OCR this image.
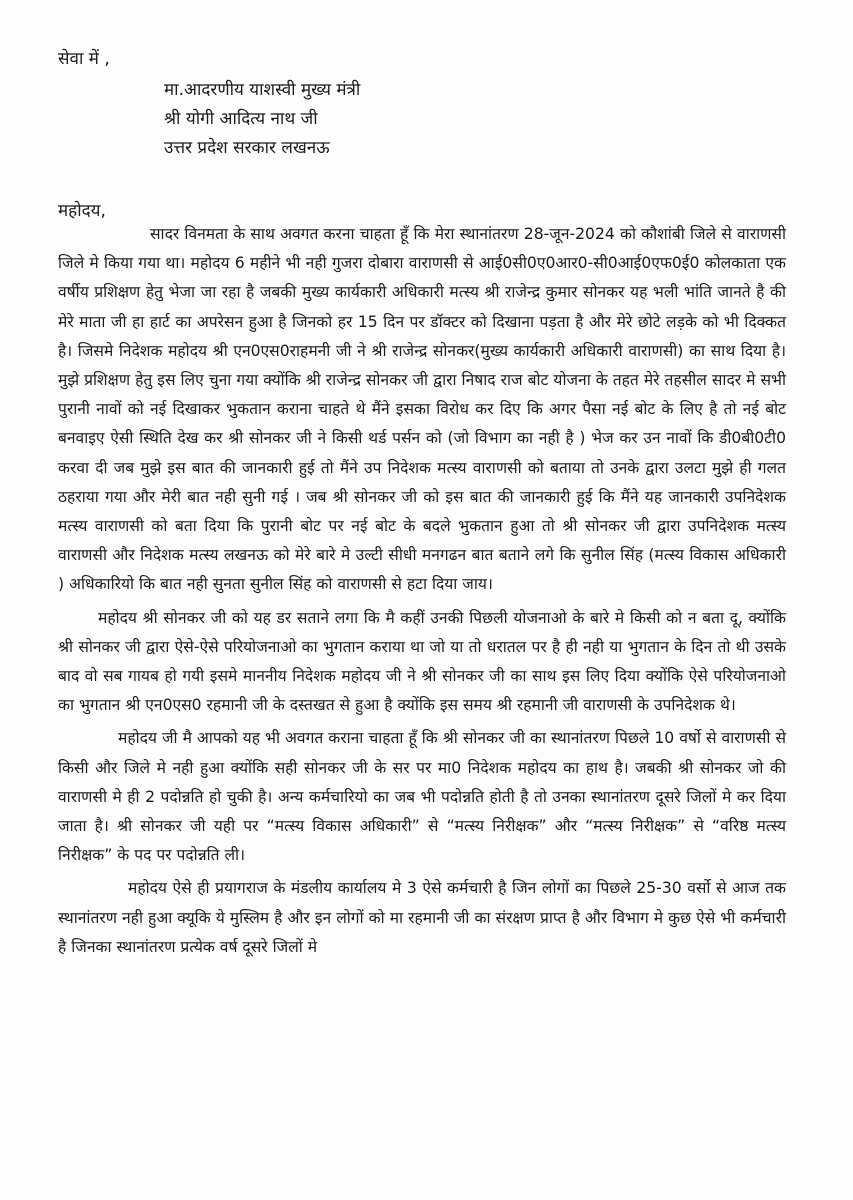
सेवा में ,
मा.आदरणीय याशस्वी मुख्य मंत्री
श्री योगी आदित्य नाथ जी
उत्तर प्रदेश सरकार लखनऊ
महोदय,

सादर विनमता के साथ अवगत करना चाहता हूँ कि मेरा स्थानांतरण 28-जून-2024 को कौशांबी जिले से वाराणसी जिले मे किया गया था। महोदय 6 महीने भी नही गुजरा दोबारा वाराणसी से आई0सी0ए0आर0-सी0आई0एफ0ई0 कोलकाता एक वर्षीय प्रशिक्षण हेतु भेजा जा रहा है जबकी मुख्य कार्यकारी अधिकारी मत्स्य श्री राजेन्द्र कुमार सोनकर यह भली भांति जानते है की मेरे माता जी हा हार्ट का अपरेसन हुआ है जिनको हर 15 दिन पर डॉक्टर को दिखाना पड़ता है और मेरे छोटे लड़के को भी दिक्कत है। जिसमे निदेशक महोदय श्री एन0एस0राहमनी जी ने श्री राजेन्द्र सोनकर(मुख्य कार्यकारी अधिकारी वाराणसी) का साथ दिया है। मुझे प्रशिक्षण हेतु इस लिए चुना गया क्योंकि श्री राजेन्द्र सोनकर जी द्वारा निषाद राज बोट योजना के तहत मेरे तहसील सादर मे सभी पुरानी नावों को नई दिखाकर भुकतान कराना चाहते थे मैंने इसका विरोध कर दिए कि अगर पैसा नई बोट के लिए है तो नई बोट बनवाइए ऐसी स्थिति देख कर श्री सोनकर जी ने किसी थर्ड पर्सन को (जो विभाग का नही है ) भेज कर उन नावों कि डी0बी0टी0 करवा दी जब मुझे इस बात की जानकारी हुई तो मैंने उप निदेशक मत्स्य वाराणसी को बताया तो उनके द्वारा उलटा मुझे ही गलत ठहराया गया और मेरी बात नही सुनी गई । जब श्री सोनकर जी को इस बात की जानकारी हुई कि मैंने यह जानकारी उपनिदेशक मत्स्य वाराणसी को बता दिया कि पुरानी बोट पर नई बोट के बदले भुकतान हुआ तो श्री सोनकर जी द्वारा उपनिदेशक मत्स्य वाराणसी और निदेशक मत्स्य लखनऊ को मेरे बारे मे उल्टी सीधी मनगढन बात बताने लगे कि सुनील सिंह (मत्स्य विकास अधिकारी ) अधिकारियो कि बात नही सुनता सुनील सिंह को वाराणसी से हटा दिया जाय।

महोदय श्री सोनकर जी को यह डर सताने लगा कि मै कहीं उनकी पिछली योजनाओ के बारे मे किसी को न बता दू, क्योंकि श्री सोनकर जी द्वारा ऐसे-ऐसे परियोजनाओ का भुगतान कराया था जो या तो धरातल पर है ही नही या भुगतान के दिन तो थी उसके बाद वो सब गायब हो गयी इसमे माननीय निदेशक महोदय जी ने श्री सोनकर जी का साथ इस लिए दिया क्योंकि ऐसे परियोजनाओ का भुगतान श्री एन0एस0 रहमानी जी के दस्तखत से हुआ है क्योंकि इस समय श्री रहमानी जी वाराणसी के उपनिदेशक थे।

महोदय जी मै आपको यह भी अवगत कराना चाहता हूँ कि श्री सोनकर जी का स्थानांतरण पिछले 10 वर्षो से वाराणसी से किसी और जिले मे नही हुआ क्योंकि सही सोनकर जी के सर पर मा0 निदेशक महोदय का हाथ है। जबकी श्री सोनकर जो की वाराणसी मे ही 2 पदोन्नति हो चुकी है। अन्य कर्मचारियो का जब भी पदोन्नति होती है तो उनका स्थानांतरण दूसरे जिलों मे कर दिया जाता है। श्री सोनकर जी यही पर “मत्स्य विकास अधिकारी” से “मत्स्य निरीक्षक” और “मत्स्य निरीक्षक” से “वरिष्ठ मत्स्य निरीक्षक” के पद पर पदोन्नति ली।

महोदय ऐसे ही प्रयागराज के मंडलीय कार्यालय मे 3 ऐसे कर्मचारी है जिन लोगों का पिछले 25-30 वर्सो से आज तक स्थानांतरण नही हुआ क्यूकि ये मुस्लिम है और इन लोगों को मा रहमानी जी का संरक्षण प्राप्त है और विभाग मे कुछ ऐसे भी कर्मचारी है जिनका स्थानांतरण प्रत्येक वर्ष दूसरे जिलों मे
